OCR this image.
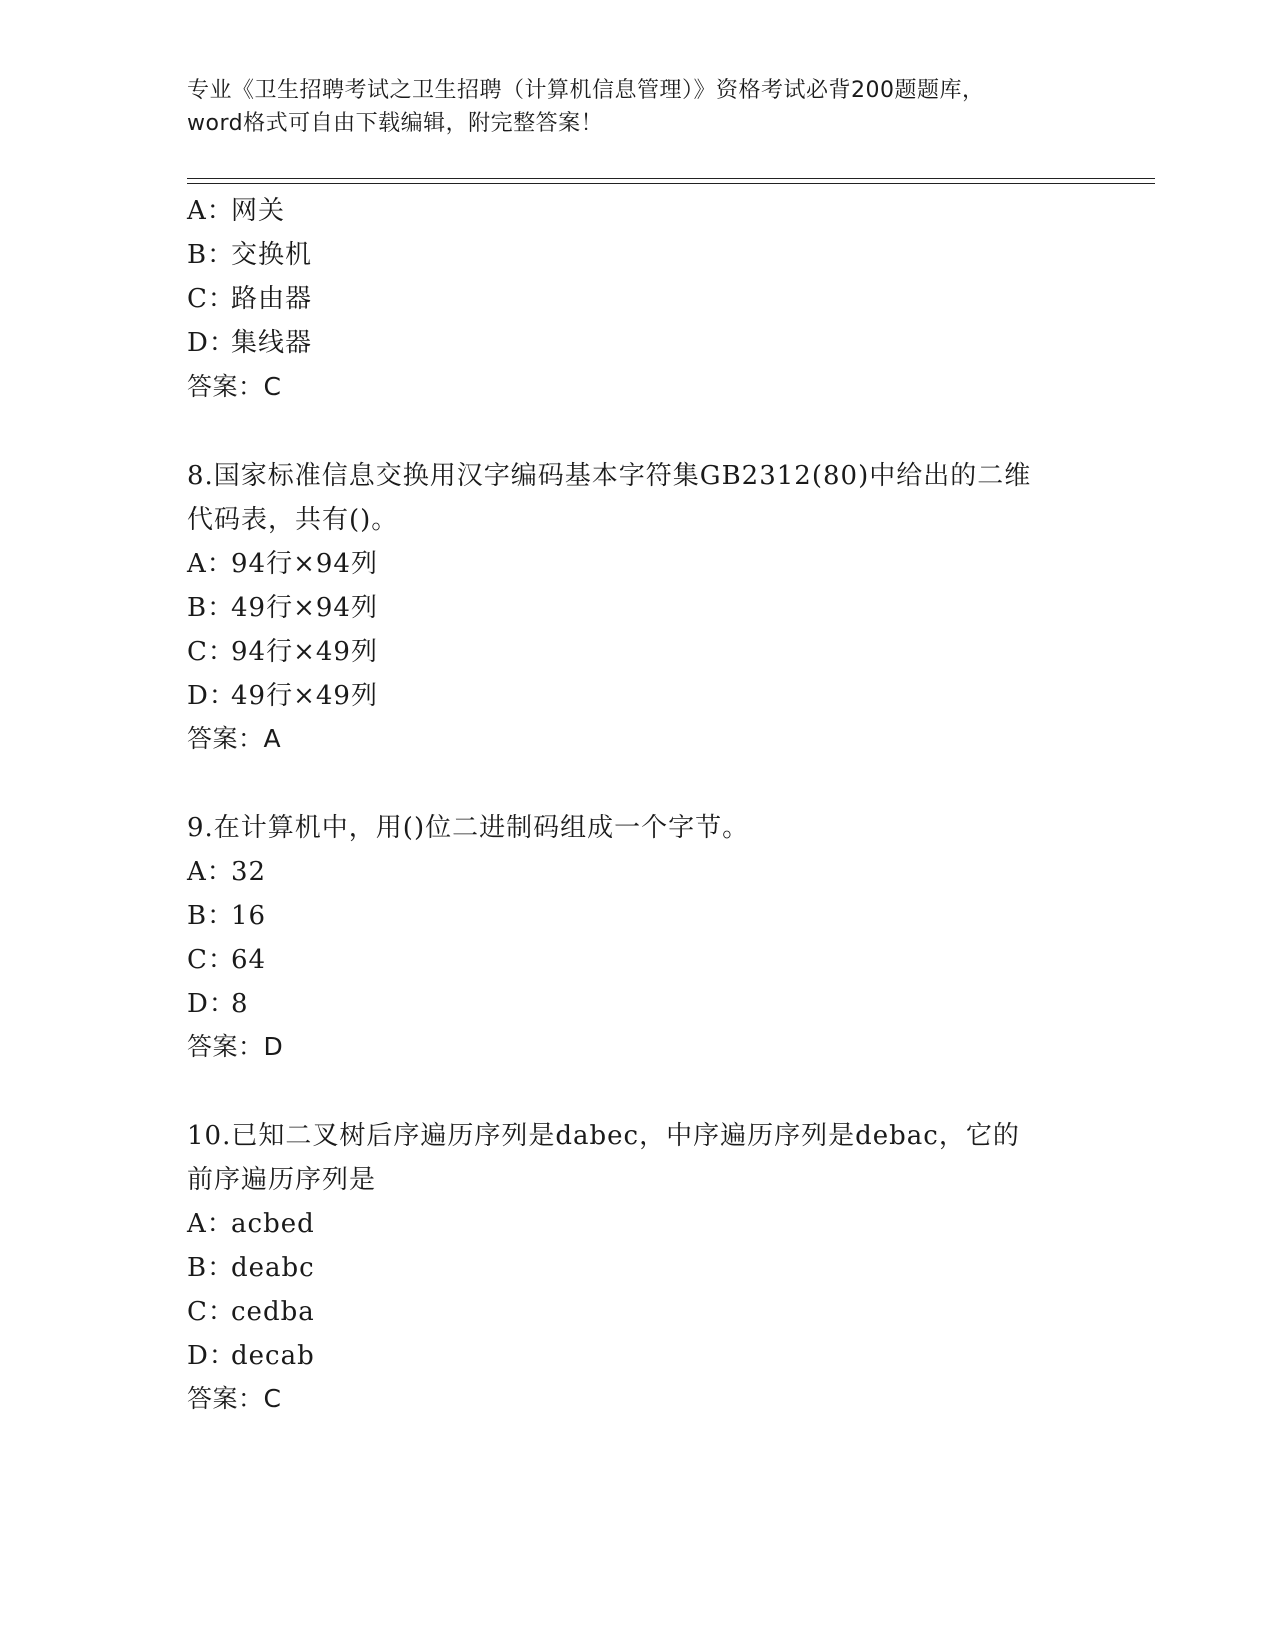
专业《卫生招聘考试之卫生招聘（计算机信息管理）》资格考试必背200题题库，
word格式可自由下载编辑，附完整答案！
A：网关
B：交换机
C：路由器
D：集线器
答案：C
8.国家标准信息交换用汉字编码基本字符集GB2312(80)中给出的二维
代码表，共有()。
A：94行×94列
B：49行×94列
C：94行×49列
D：49行×49列
答案：A
9.在计算机中，用()位二进制码组成一个字节。
A：32
B：16
C：64
D：8
答案：D
10.已知二叉树后序遍历序列是dabec，中序遍历序列是debac，它的
前序遍历序列是
A：acbed
B：deabc
C：cedba
D：decab
答案：C
